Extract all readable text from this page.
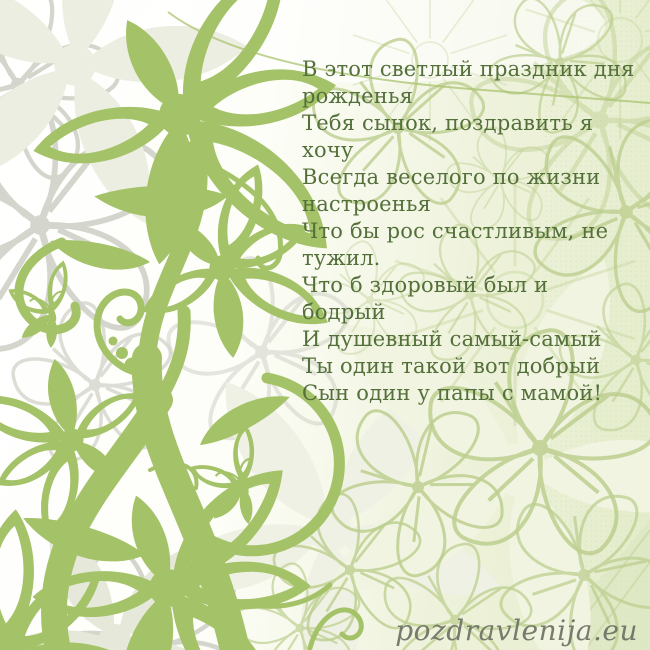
В этот светлый праздник дня
рожденья
Тебя сынок, поздравить я
хочу
Всегда веселого по жизни
настроенья
Что бы рос счастливым, не
тужил.
Что б здоровый был и
бодрый
И душевный самый-самый
Ты один такой вот добрый
Сын один у папы с мамой!
pozdravlenija.eu
